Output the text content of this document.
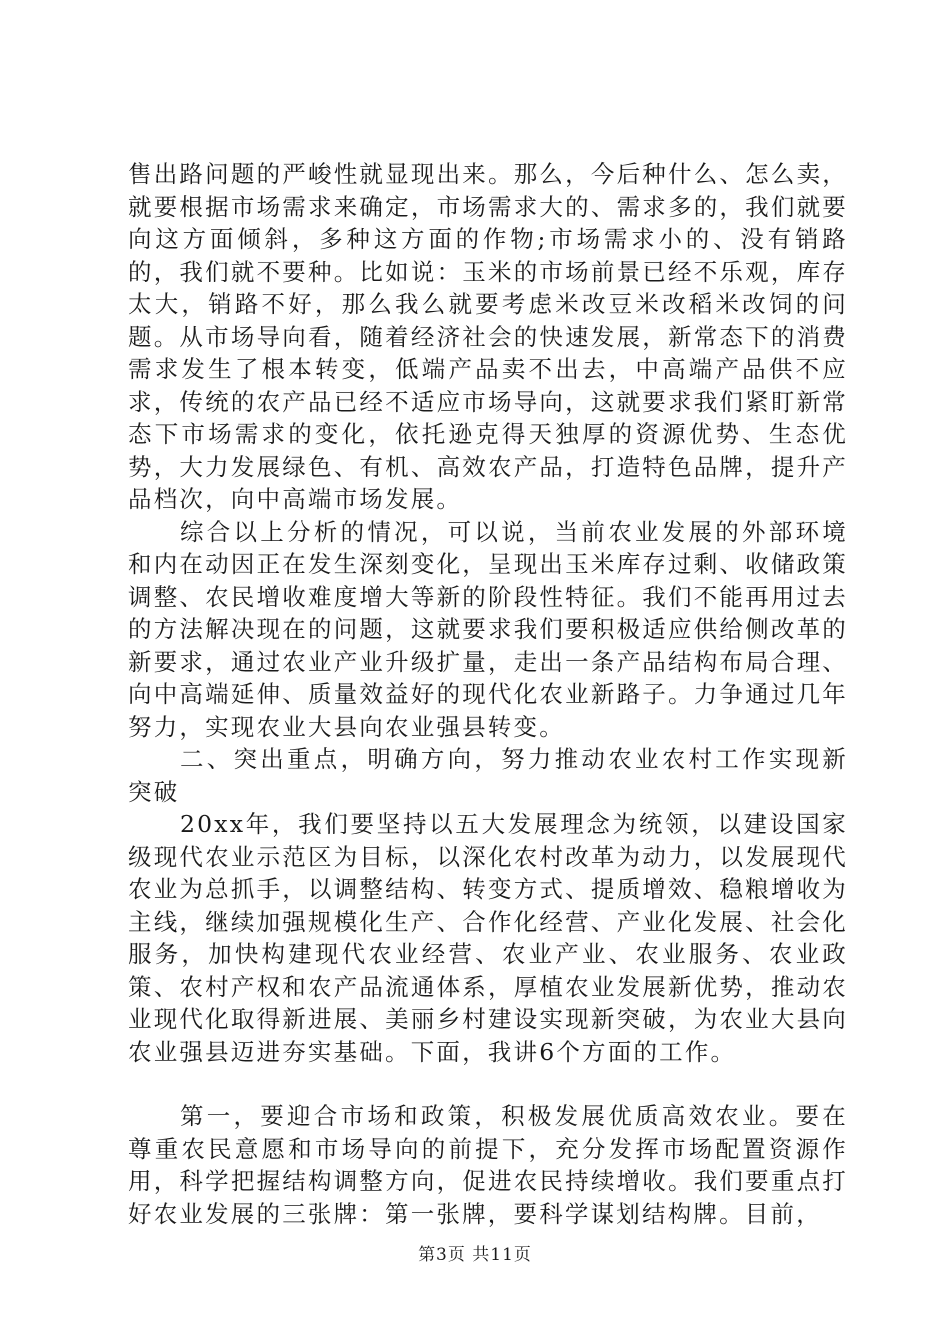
售出路问题的严峻性就显现出来。那么，今后种什么、怎么卖，就要根据市场需求来确定，市场需求大的、需求多的，我们就要向这方面倾斜，多种这方面的作物;市场需求小的、没有销路的，我们就不要种。比如说：玉米的市场前景已经不乐观，库存太大，销路不好，那么我么就要考虑米改豆米改稻米改饲的问题。从市场导向看，随着经济社会的快速发展，新常态下的消费需求发生了根本转变，低端产品卖不出去，中高端产品供不应求，传统的农产品已经不适应市场导向，这就要求我们紧盯新常态下市场需求的变化，依托逊克得天独厚的资源优势、生态优势，大力发展绿色、有机、高效农产品，打造特色品牌，提升产品档次，向中高端市场发展。

综合以上分析的情况，可以说，当前农业发展的外部环境和内在动因正在发生深刻变化，呈现出玉米库存过剩、收储政策调整、农民增收难度增大等新的阶段性特征。我们不能再用过去的方法解决现在的问题，这就要求我们要积极适应供给侧改革的新要求，通过农业产业升级扩量，走出一条产品结构布局合理、向中高端延伸、质量效益好的现代化农业新路子。力争通过几年努力，实现农业大县向农业强县转变。

二、突出重点，明确方向，努力推动农业农村工作实现新突破

20xx年，我们要坚持以五大发展理念为统领，以建设国家级现代农业示范区为目标，以深化农村改革为动力，以发展现代农业为总抓手，以调整结构、转变方式、提质增效、稳粮增收为主线，继续加强规模化生产、合作化经营、产业化发展、社会化服务，加快构建现代农业经营、农业产业、农业服务、农业政策、农村产权和农产品流通体系，厚植农业发展新优势，推动农业现代化取得新进展、美丽乡村建设实现新突破，为农业大县向农业强县迈进夯实基础。下面，我讲6个方面的工作。

第一，要迎合市场和政策，积极发展优质高效农业。要在尊重农民意愿和市场导向的前提下，充分发挥市场配置资源作用，科学把握结构调整方向，促进农民持续增收。我们要重点打好农业发展的三张牌：第一张牌，要科学谋划结构牌。目前，

第3页 共11页
